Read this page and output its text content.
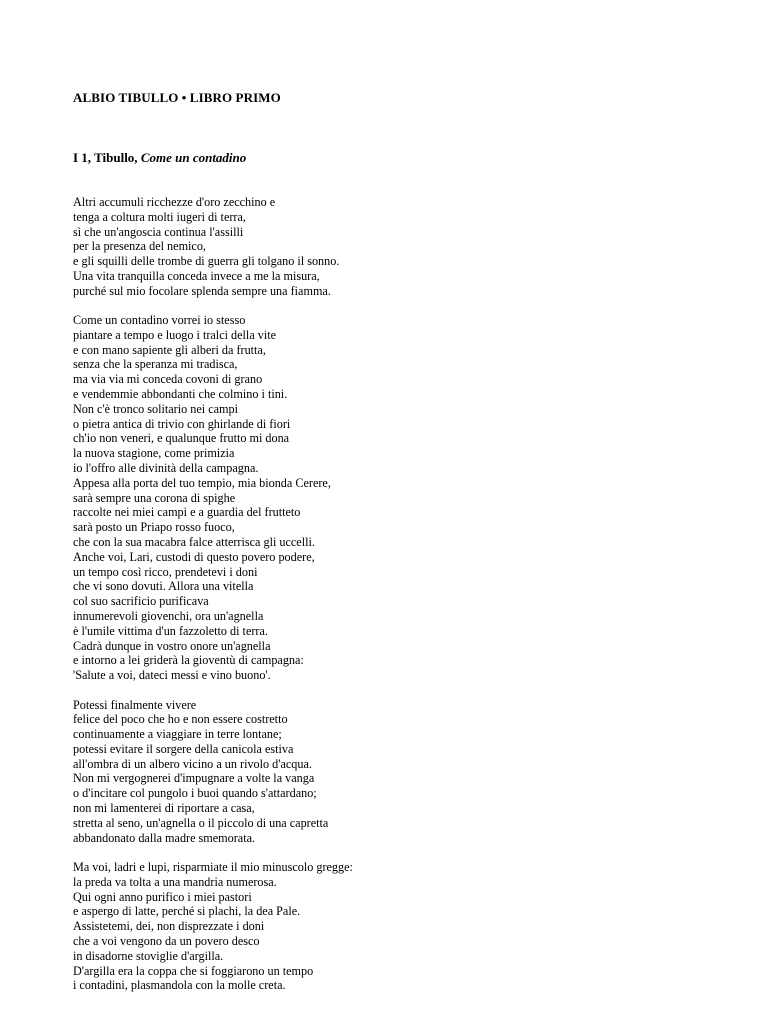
ALBIO TIBULLO • LIBRO PRIMO
I 1, Tibullo, Come un contadino

Altri accumuli ricchezze d'oro zecchino e
tenga a coltura molti iugeri di terra,
sì che un'angoscia continua l'assilli
per la presenza del nemico,
e gli squilli delle trombe di guerra gli tolgano il sonno.
Una vita tranquilla conceda invece a me la misura,
purché sul mio focolare splenda sempre una fiamma.

Come un contadino vorrei io stesso
piantare a tempo e luogo i tralci della vite
e con mano sapiente gli alberi da frutta,
senza che la speranza mi tradisca,
ma via via mi conceda covoni di grano
e vendemmie abbondanti che colmino i tini.
Non c'è tronco solitario nei campi
o pietra antica di trivio con ghirlande di fiori
ch'io non veneri, e qualunque frutto mi dona
la nuova stagione, come primizia
io l'offro alle divinità della campagna.
Appesa alla porta del tuo tempio, mia bionda Cerere,
sarà sempre una corona di spighe
raccolte nei miei campi e a guardia del frutteto
sarà posto un Priapo rosso fuoco,
che con la sua macabra falce atterrisca gli uccelli.
Anche voi, Lari, custodi di questo povero podere,
un tempo così ricco, prendetevi i doni
che vi sono dovuti. Allora una vitella
col suo sacrificio purificava
innumerevoli giovenchi, ora un'agnella
è l'umile vittima d'un fazzoletto di terra.
Cadrà dunque in vostro onore un'agnella
e intorno a lei griderà la gioventù di campagna:
'Salute a voi, dateci messi e vino buono'.

Potessi finalmente vivere
felice del poco che ho e non essere costretto
continuamente a viaggiare in terre lontane;
potessi evitare il sorgere della canicola estiva
all'ombra di un albero vicino a un rivolo d'acqua.
Non mi vergognerei d'impugnare a volte la vanga
o d'incitare col pungolo i buoi quando s'attardano;
non mi lamenterei di riportare a casa,
stretta al seno, un'agnella o il piccolo di una capretta
abbandonato dalla madre smemorata.

Ma voi, ladri e lupi, risparmiate il mio minuscolo gregge:
la preda va tolta a una mandria numerosa.
Qui ogni anno purifico i miei pastori
e aspergo di latte, perché si plachi, la dea Pale.
Assistetemi, dei, non disprezzate i doni
che a voi vengono da un povero desco
in disadorne stoviglie d'argilla.
D'argilla era la coppa che si foggiarono un tempo
i contadini, plasmandola con la molle creta.
